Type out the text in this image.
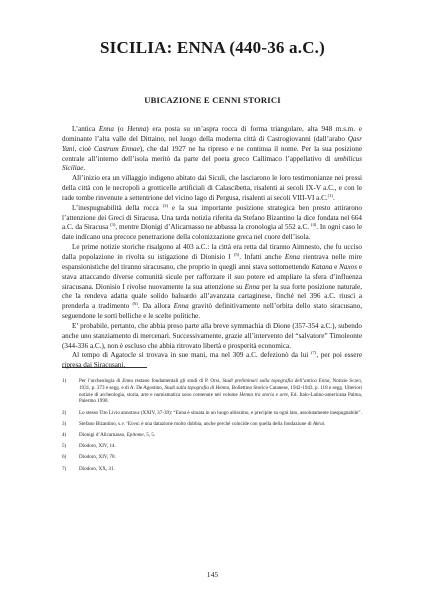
SICILIA: ENNA (440-36 a.C.)
UBICAZIONE E CENNI STORICI

L’antica Enna (o Henna) era posta su un’aspra rocca di forma triangolare, alta 948 m.s.m. e dominante l’alta valle del Dittaino, nel luogo della moderna città di Castrogiovanni (dall’arabo Qasr Yani, cioè Castrum Ennae), che dal 1927 ne ha ripreso e ne continua il nome. Per la sua posizione centrale all’interno dell’isola meritò da parte del poeta greco Callimaco l’appellativo di umbilicus Siciliae.

All’inizio era un villaggio indigeno abitato dai Siculi, che lasciarono le loro testimonianze nei pressi della città con le necropoli a grotticelle artificiali di Calascibetta, risalenti ai secoli IX-V a.C., e con le rade tombe rinvenute a settentrione del vicino lago di Pergusa, risalenti ai secoli VIII-VI a.C.$^{(1)}$.

L’inespugnabilità della rocca $^{(2)}$ e la sua importante posizione strategica ben presto attirarono l’attenzione dei Greci di Siracusa. Una tarda notizia riferita da Stefano Bizantino la dice fondata nel 664 a.C. da Siracusa $^{(3)}$, mentre Dionigi d’Alicarnasso ne abbassa la cronologia al 552 a.C. $^{(4)}$. In ogni caso le date indicano una precoce penetrazione della colonizzazione greca nel cuore dell’isola.

Le prime notizie storiche risalgono al 403 a.C.: la città era retta dal tiranno Aimnesto, che fu ucciso dalla popolazione in rivolta su istigazione di Dionisio I $^{(5)}$. Infatti anche Enna rientrava nelle mire espansionistiche del tiranno siracusano, che proprio in quegli anni stava sottomettendo Katana e Naxos e stava attaccando diverse comunità sicule per rafforzare il suo potere ed ampliare la sfera d’influenza siracusana. Dionisio I rivolse nuovamente la sua attenzione su Enna per la sua forte posizione naturale, che la rendeva adatta quale solido baluardo all’avanzata cartaginese, finché nel 396 a.C. riuscì a prenderla a tradimento $^{(6)}$. Da allora Enna gravitò definitivamente nell’orbita dello stato siracusano, seguendone le sorti belliche e le scelte politiche.

E’ probabile, pertanto, che abbia preso parte alla breve symmachia di Dione (357-354 a.C.), subendo anche uno stanziamento di mercenari. Successivamente, grazie all’intervento del “salvatore” Timoleonte (344-336 a.C.), non è escluso che abbia ritrovato libertà e prosperità economica.

Al tempo di Agatocle si trovava in sue mani, ma nel 309 a.C. defezionò da lui $^{(7)}$, per poi essere ripresa dai Siracusani.

1)	Per l’archeologia di Enna restano fondamentali gli studi di P. Orsi, Studi preliminari sulla topografia dell’antica Enna, Notizie Scavi, 1931, p. 373 e segg. e di A. De Agostino, Studi sulla topografia di Henna, Bollettino Storico Catanese, 1942-1943, p. 118 e segg. Ulteriori notizie di archeologia, storia, arte e numismatica sono contenute nel volume Henna tra storia e arte, Ed. Italo-Latino-americana Palma, Palermo 1990.
2)	Lo stesso Tito Livio annotava (XXIV, 37-39): “Enna è situata in un luogo altissimo, e precipite su ogni lato, assolutamente inespugnabile”.
3)	Stefano Bizantino, s.v. ‘Ευνα: è una datazione molto dubbia, anche perché coincide con quella della fondazione di Akrai.
4)	Dionigi d’Alicarnasso, Epitome, 5, 5.
5)	Diodoro, XIV, 14.
6)	Diodoro, XIV, 78.
7)	Diodoro, XX, 31.
145
